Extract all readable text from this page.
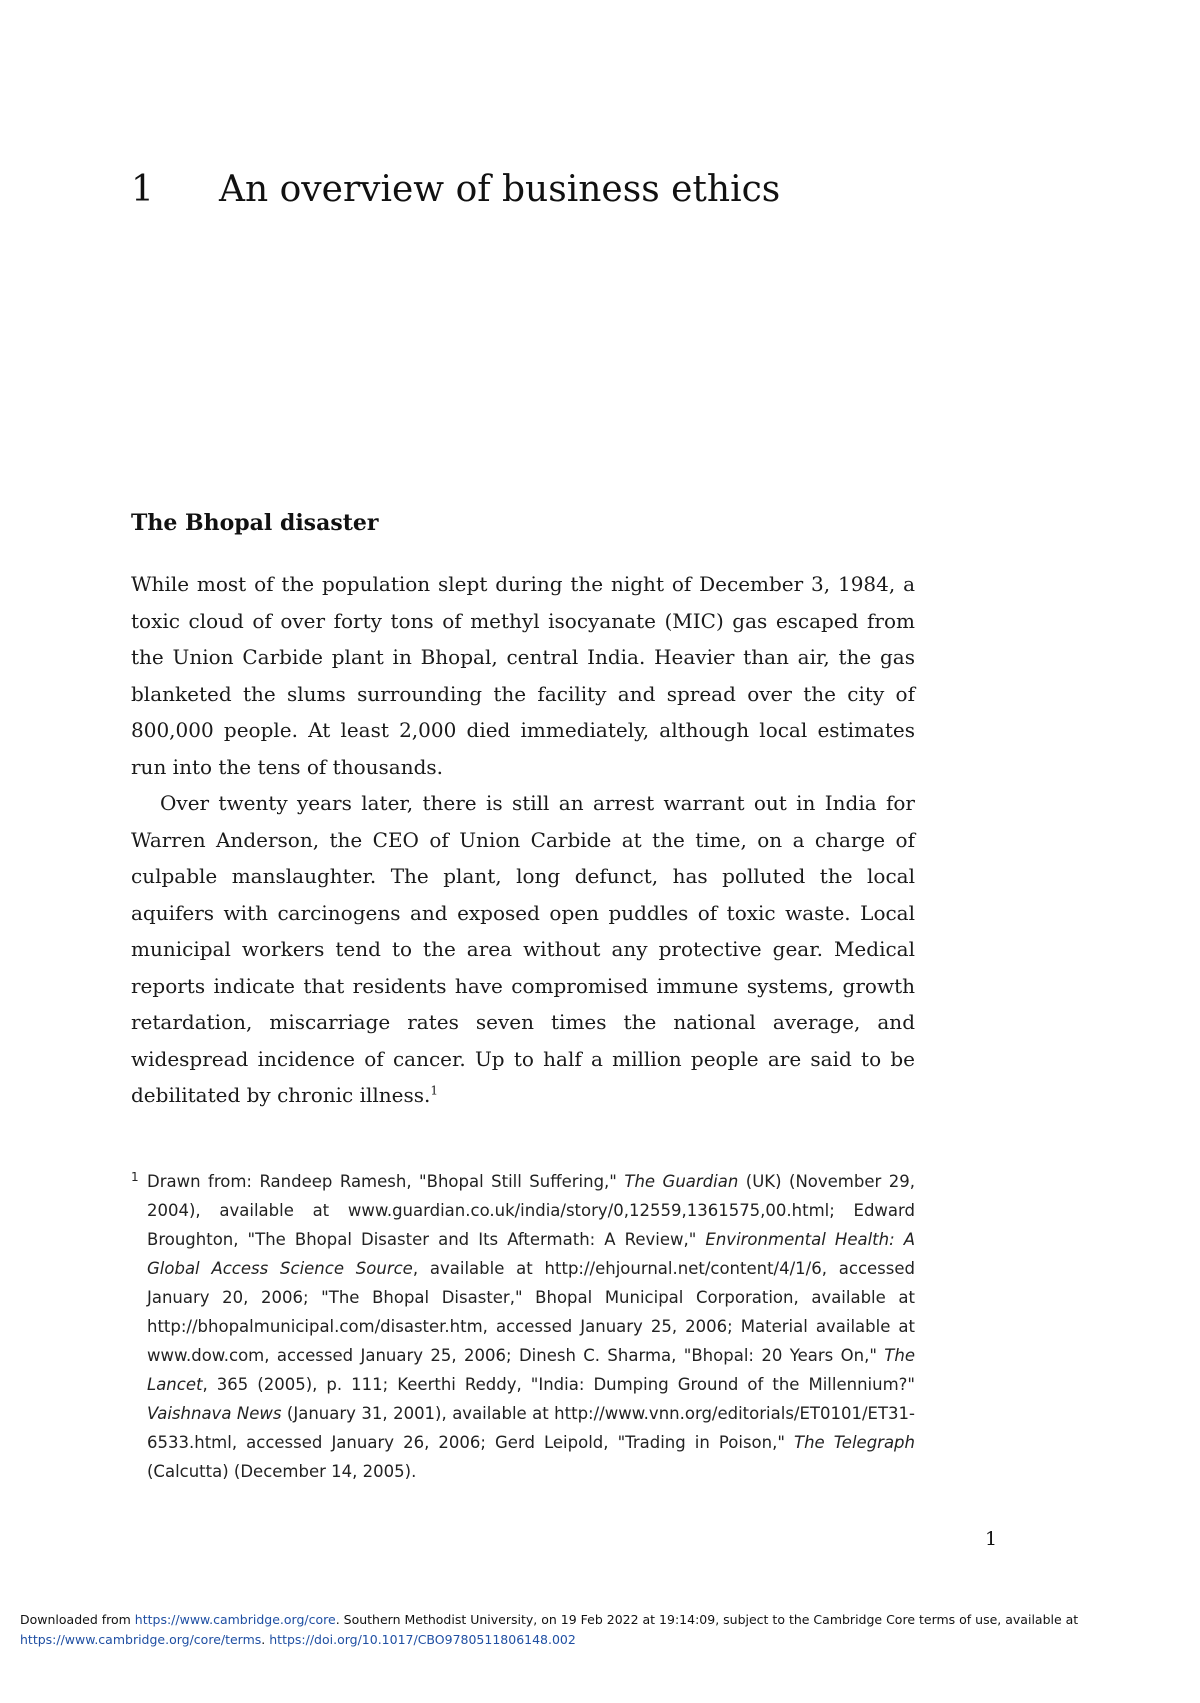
1 An overview of business ethics
The Bhopal disaster

While most of the population slept during the night of December 3, 1984, a toxic cloud of over forty tons of methyl isocyanate (MIC) gas escaped from the Union Carbide plant in Bhopal, central India. Heavier than air, the gas blanketed the slums surrounding the facility and spread over the city of 800,000 people. At least 2,000 died immediately, although local estimates run into the tens of thousands.

Over twenty years later, there is still an arrest warrant out in India for Warren Anderson, the CEO of Union Carbide at the time, on a charge of culpable manslaughter. The plant, long defunct, has polluted the local aquifers with carcinogens and exposed open puddles of toxic waste. Local municipal workers tend to the area without any protective gear. Medical reports indicate that residents have compromised immune systems, growth retardation, miscarriage rates seven times the national average, and widespread incidence of cancer. Up to half a million people are said to be debilitated by chronic illness.$^1$

1 Drawn from: Randeep Ramesh, "Bhopal Still Suffering," The Guardian (UK) (November 29, 2004), available at www.guardian.co.uk/india/story/0,12559,1361575,00.html; Edward Broughton, "The Bhopal Disaster and Its Aftermath: A Review," Environmental Health: A Global Access Science Source, available at http://ehjournal.net/content/4/1/6, accessed January 20, 2006; "The Bhopal Disaster," Bhopal Municipal Corporation, available at http://bhopalmunicipal.com/disaster.htm, accessed January 25, 2006; Material available at www.dow.com, accessed January 25, 2006; Dinesh C. Sharma, "Bhopal: 20 Years On," The Lancet, 365 (2005), p. 111; Keerthi Reddy, "India: Dumping Ground of the Millennium?" Vaishnava News (January 31, 2001), available at http://www.vnn.org/editorials/ET0101/ET31-6533.html, accessed January 26, 2006; Gerd Leipold, "Trading in Poison," The Telegraph (Calcutta) (December 14, 2005).
1
Downloaded from https://www.cambridge.org/core. Southern Methodist University, on 19 Feb 2022 at 19:14:09, subject to the Cambridge Core terms of use, available at
https://www.cambridge.org/core/terms. https://doi.org/10.1017/CBO9780511806148.002
